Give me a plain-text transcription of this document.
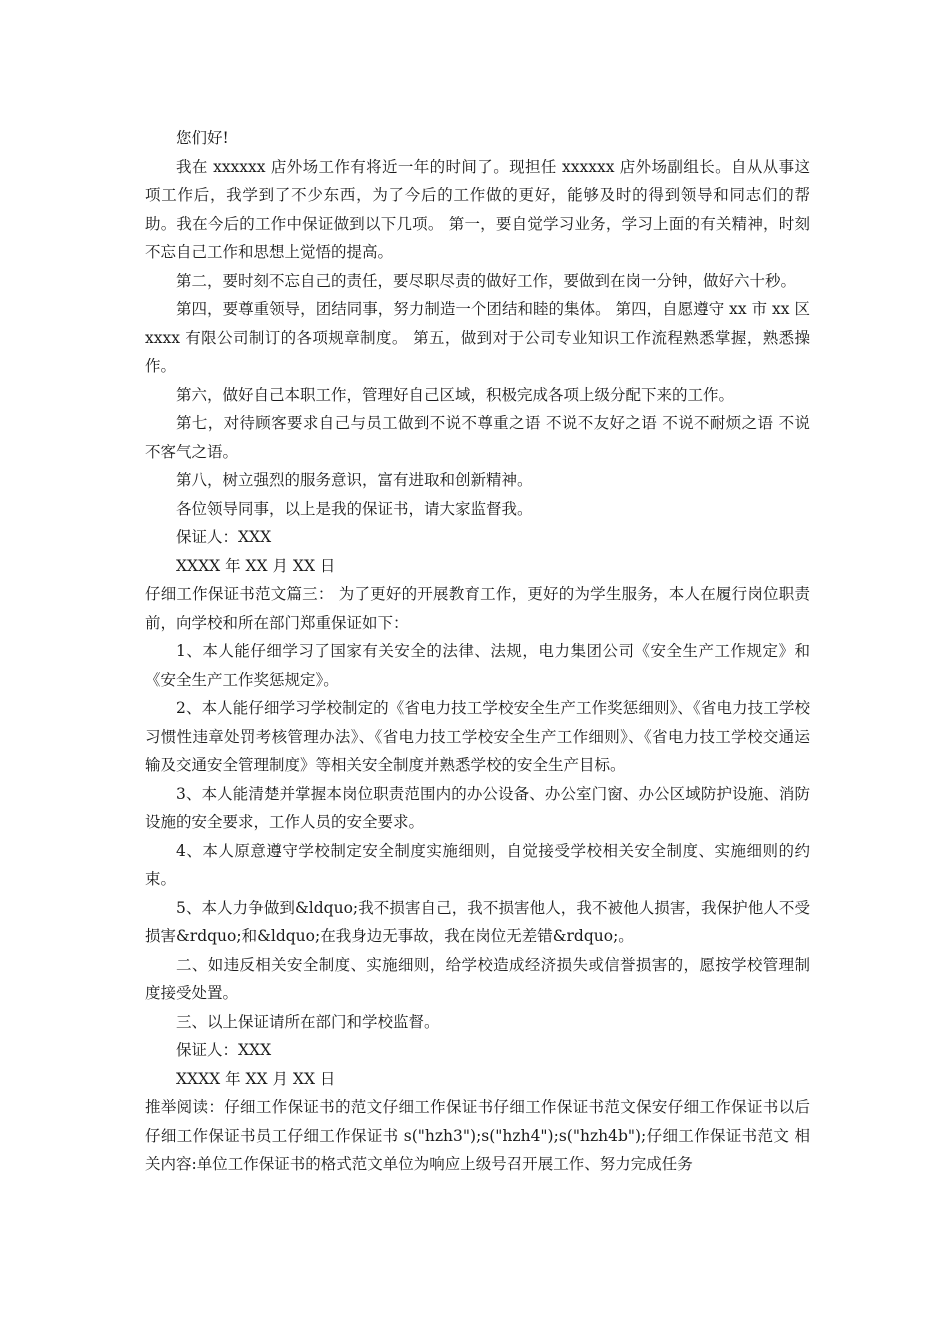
您们好!

我在 xxxxxx 店外场工作有将近一年的时间了。现担任 xxxxxx 店外场副组长。自从从事这项工作后，我学到了不少东西，为了今后的工作做的更好，能够及时的得到领导和同志们的帮助。我在今后的工作中保证做到以下几项。 第一，要自觉学习业务，学习上面的有关精神，时刻不忘自己工作和思想上觉悟的提高。

第二，要时刻不忘自己的责任，要尽职尽责的做好工作，要做到在岗一分钟，做好六十秒。

第四，要尊重领导，团结同事，努力制造一个团结和睦的集体。 第四，自愿遵守 xx 市 xx 区 xxxx 有限公司制订的各项规章制度。 第五，做到对于公司专业知识工作流程熟悉掌握，熟悉操作。

第六，做好自己本职工作，管理好自己区域，积极完成各项上级分配下来的工作。

第七，对待顾客要求自己与员工做到不说不尊重之语 不说不友好之语 不说不耐烦之语 不说不客气之语。

第八，树立强烈的服务意识，富有进取和创新精神。

各位领导同事，以上是我的保证书，请大家监督我。

保证人：XXX

XXXX 年 XX 月 XX 日

仔细工作保证书范文篇三： 为了更好的开展教育工作，更好的为学生服务，本人在履行岗位职责前，向学校和所在部门郑重保证如下：

1、本人能仔细学习了国家有关安全的法律、法规，电力集团公司《安全生产工作规定》和《安全生产工作奖惩规定》。

2、本人能仔细学习学校制定的《省电力技工学校安全生产工作奖惩细则》、《省电力技工学校习惯性违章处罚考核管理办法》、《省电力技工学校安全生产工作细则》、《省电力技工学校交通运输及交通安全管理制度》等相关安全制度并熟悉学校的安全生产目标。

3、本人能清楚并掌握本岗位职责范围内的办公设备、办公室门窗、办公区域防护设施、消防设施的安全要求，工作人员的安全要求。

4、本人原意遵守学校制定安全制度实施细则，自觉接受学校相关安全制度、实施细则的约束。

5、本人力争做到&ldquo;我不损害自己，我不损害他人，我不被他人损害，我保护他人不受损害&rdquo;和&ldquo;在我身边无事故，我在岗位无差错&rdquo;。

二、如违反相关安全制度、实施细则，给学校造成经济损失或信誉损害的，愿按学校管理制度接受处置。

三、以上保证请所在部门和学校监督。

保证人：XXX

XXXX 年 XX 月 XX 日

推举阅读：仔细工作保证书的范文仔细工作保证书仔细工作保证书范文保安仔细工作保证书以后仔细工作保证书员工仔细工作保证书 s("hzh3");s("hzh4");s("hzh4b");仔细工作保证书范文 相关内容:单位工作保证书的格式范文单位为响应上级号召开展工作、努力完成任务
